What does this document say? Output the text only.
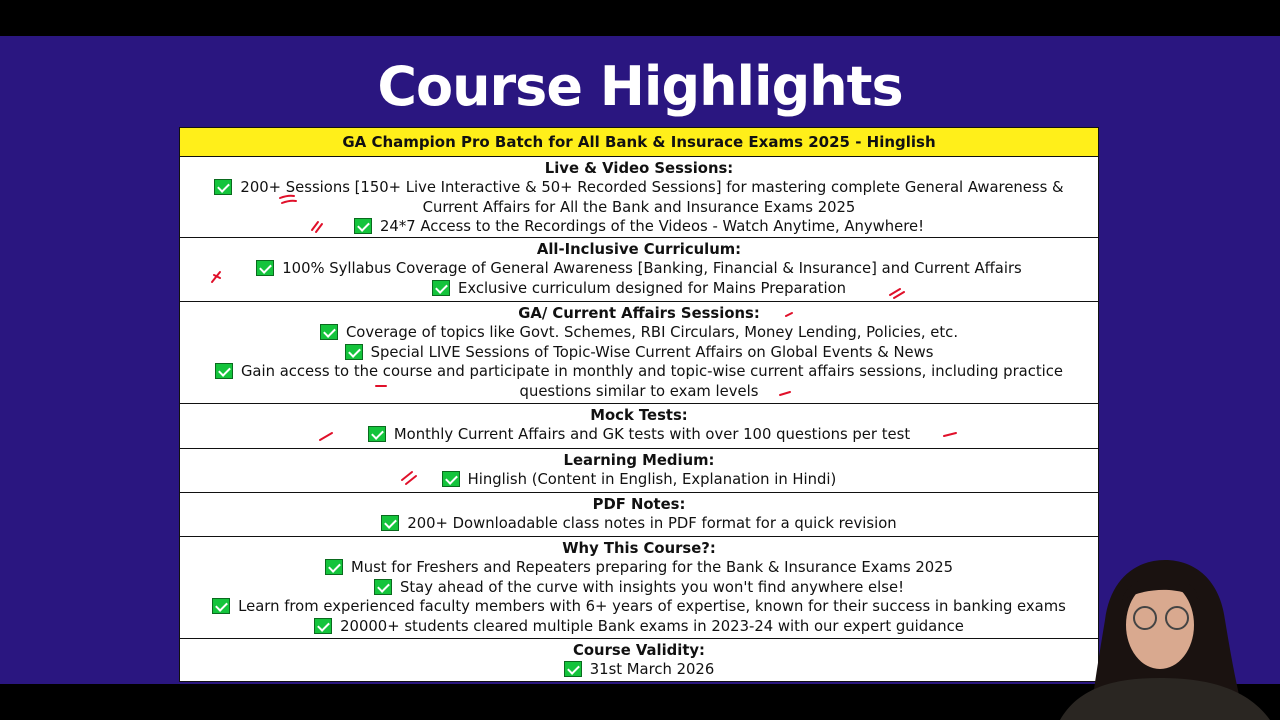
Course Highlights
GA Champion Pro Batch for All Bank & Insurace Exams 2025 - Hinglish
Live & Video Sessions:
200+ Sessions [150+ Live Interactive & 50+ Recorded Sessions] for mastering complete General Awareness & Current Affairs for All the Bank and Insurance Exams 2025
24*7 Access to the Recordings of the Videos - Watch Anytime, Anywhere!
All-Inclusive Curriculum:
100% Syllabus Coverage of General Awareness [Banking, Financial & Insurance] and Current Affairs
Exclusive curriculum designed for Mains Preparation
GA/ Current Affairs Sessions:
Coverage of topics like Govt. Schemes, RBI Circulars, Money Lending, Policies, etc.
Special LIVE Sessions of Topic-Wise Current Affairs on Global Events & News
Gain access to the course and participate in monthly and topic-wise current affairs sessions, including practice questions similar to exam levels
Mock Tests:
Monthly Current Affairs and GK tests with over 100 questions per test
Learning Medium:
Hinglish (Content in English, Explanation in Hindi)
PDF Notes:
200+ Downloadable class notes in PDF format for a quick revision
Why This Course?:
Must for Freshers and Repeaters preparing for the Bank & Insurance Exams 2025
Stay ahead of the curve with insights you won't find anywhere else!
Learn from experienced faculty members with 6+ years of expertise, known for their success in banking exams
20000+ students cleared multiple Bank exams in 2023-24 with our expert guidance
Course Validity:
31st March 2026
